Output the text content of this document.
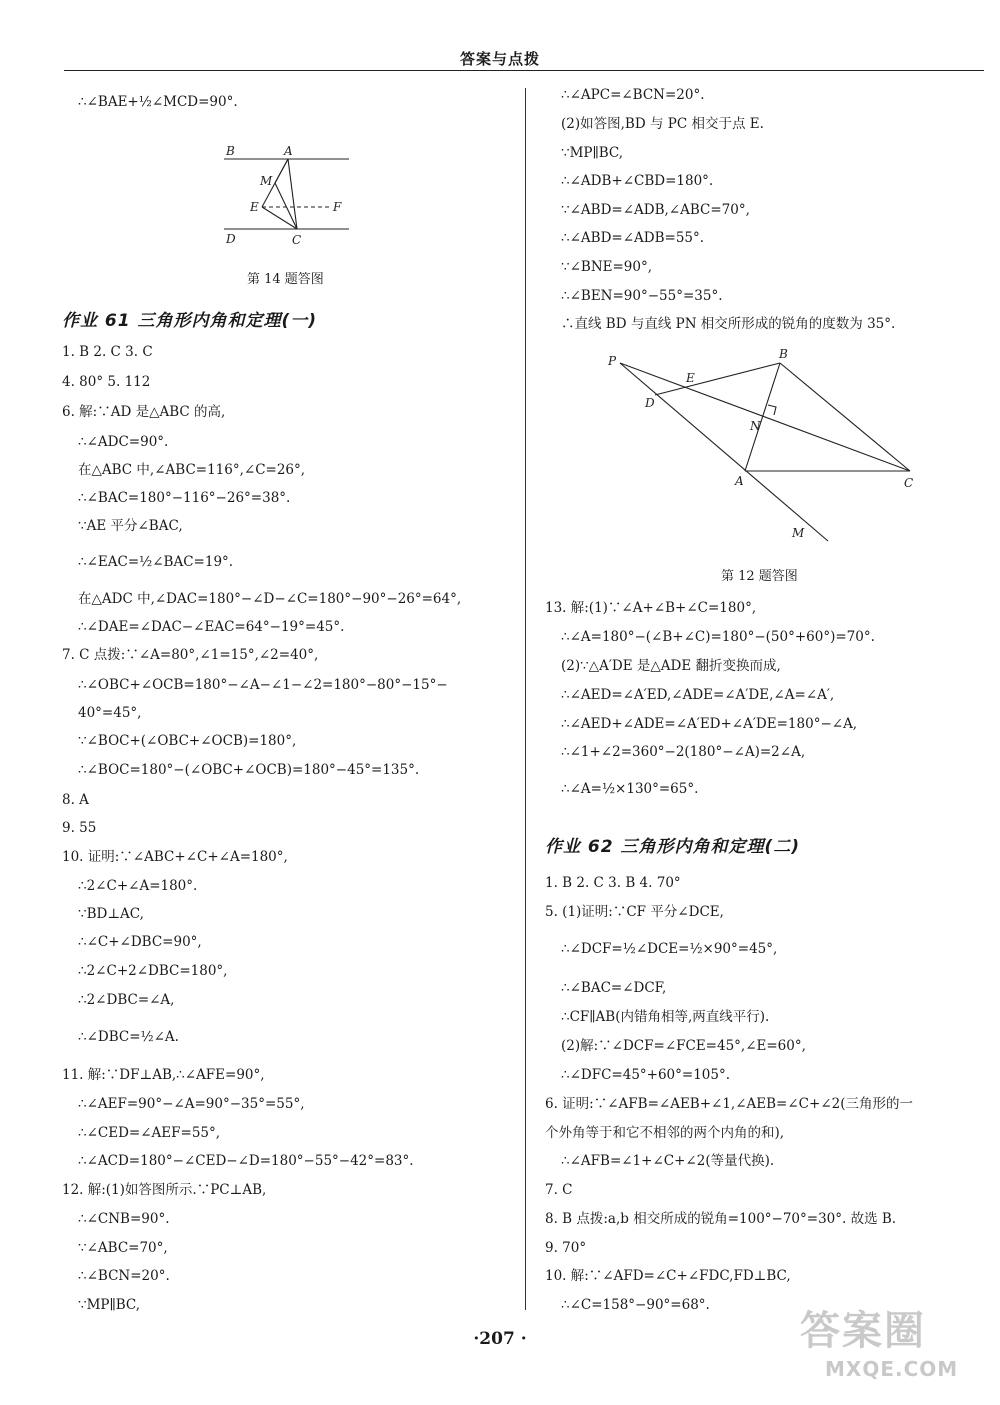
答案与点拨
∴∠BAE+½∠MCD=90°.
B	A
M
E	F
D	C
第 14 题答图
作业 61 三角形内角和定理(一)
1. B 2. C 3. C
4. 80° 5. 112
6. 解:∵AD 是△ABC 的高,
∴∠ADC=90°.
在△ABC 中,∠ABC=116°,∠C=26°,
∴∠BAC=180°−116°−26°=38°.
∵AE 平分∠BAC,
∴∠EAC=½∠BAC=19°.
在△ADC 中,∠DAC=180°−∠D−∠C=180°−90°−26°=64°,
∴∠DAE=∠DAC−∠EAC=64°−19°=45°.
7. C 点拨:∵∠A=80°,∠1=15°,∠2=40°,
∴∠OBC+∠OCB=180°−∠A−∠1−∠2=180°−80°−15°−
40°=45°,
∵∠BOC+(∠OBC+∠OCB)=180°,
∴∠BOC=180°−(∠OBC+∠OCB)=180°−45°=135°.
8. A
9. 55
10. 证明:∵∠ABC+∠C+∠A=180°,
∴2∠C+∠A=180°.
∵BD⊥AC,
∴∠C+∠DBC=90°,
∴2∠C+2∠DBC=180°,
∴2∠DBC=∠A,
∴∠DBC=½∠A.
11. 解:∵DF⊥AB,∴∠AFE=90°,
∴∠AEF=90°−∠A=90°−35°=55°,
∴∠CED=∠AEF=55°,
∴∠ACD=180°−∠CED−∠D=180°−55°−42°=83°.
12. 解:(1)如答图所示.∵PC⊥AB,
∴∠CNB=90°.
∵∠ABC=70°,
∴∠BCN=20°.
∵MP∥BC,
∴∠APC=∠BCN=20°.
(2)如答图,BD 与 PC 相交于点 E.
∵MP∥BC,
∴∠ADB+∠CBD=180°.
∵∠ABD=∠ADB,∠ABC=70°,
∴∠ABD=∠ADB=55°.
∵∠BNE=90°,
∴∠BEN=90°−55°=35°.
∴直线 BD 与直线 PN 相交所形成的锐角的度数为 35°.
P	B
E
D
N
A	C
M
第 12 题答图
13. 解:(1)∵∠A+∠B+∠C=180°,
∴∠A=180°−(∠B+∠C)=180°−(50°+60°)=70°.
(2)∵△A′DE 是△ADE 翻折变换而成,
∴∠AED=∠A′ED,∠ADE=∠A′DE,∠A=∠A′,
∴∠AED+∠ADE=∠A′ED+∠A′DE=180°−∠A,
∴∠1+∠2=360°−2(180°−∠A)=2∠A,
∴∠A=½×130°=65°.
作业 62 三角形内角和定理(二)
1. B 2. C 3. B 4. 70°
5. (1)证明:∵CF 平分∠DCE,
∴∠DCF=½∠DCE=½×90°=45°,
∴∠BAC=∠DCF,
∴CF∥AB(内错角相等,两直线平行).
(2)解:∵∠DCF=∠FCE=45°,∠E=60°,
∴∠DFC=45°+60°=105°.
6. 证明:∵∠AFB=∠AEB+∠1,∠AEB=∠C+∠2(三角形的一
个外角等于和它不相邻的两个内角的和),
∴∠AFB=∠1+∠C+∠2(等量代换).
7. C
8. B 点拨:a,b 相交所成的锐角=100°−70°=30°. 故选 B.
9. 70°
10. 解:∵∠AFD=∠C+∠FDC,FD⊥BC,
∴∠C=158°−90°=68°.
·207 ·	答案圈
MXQE.COM
